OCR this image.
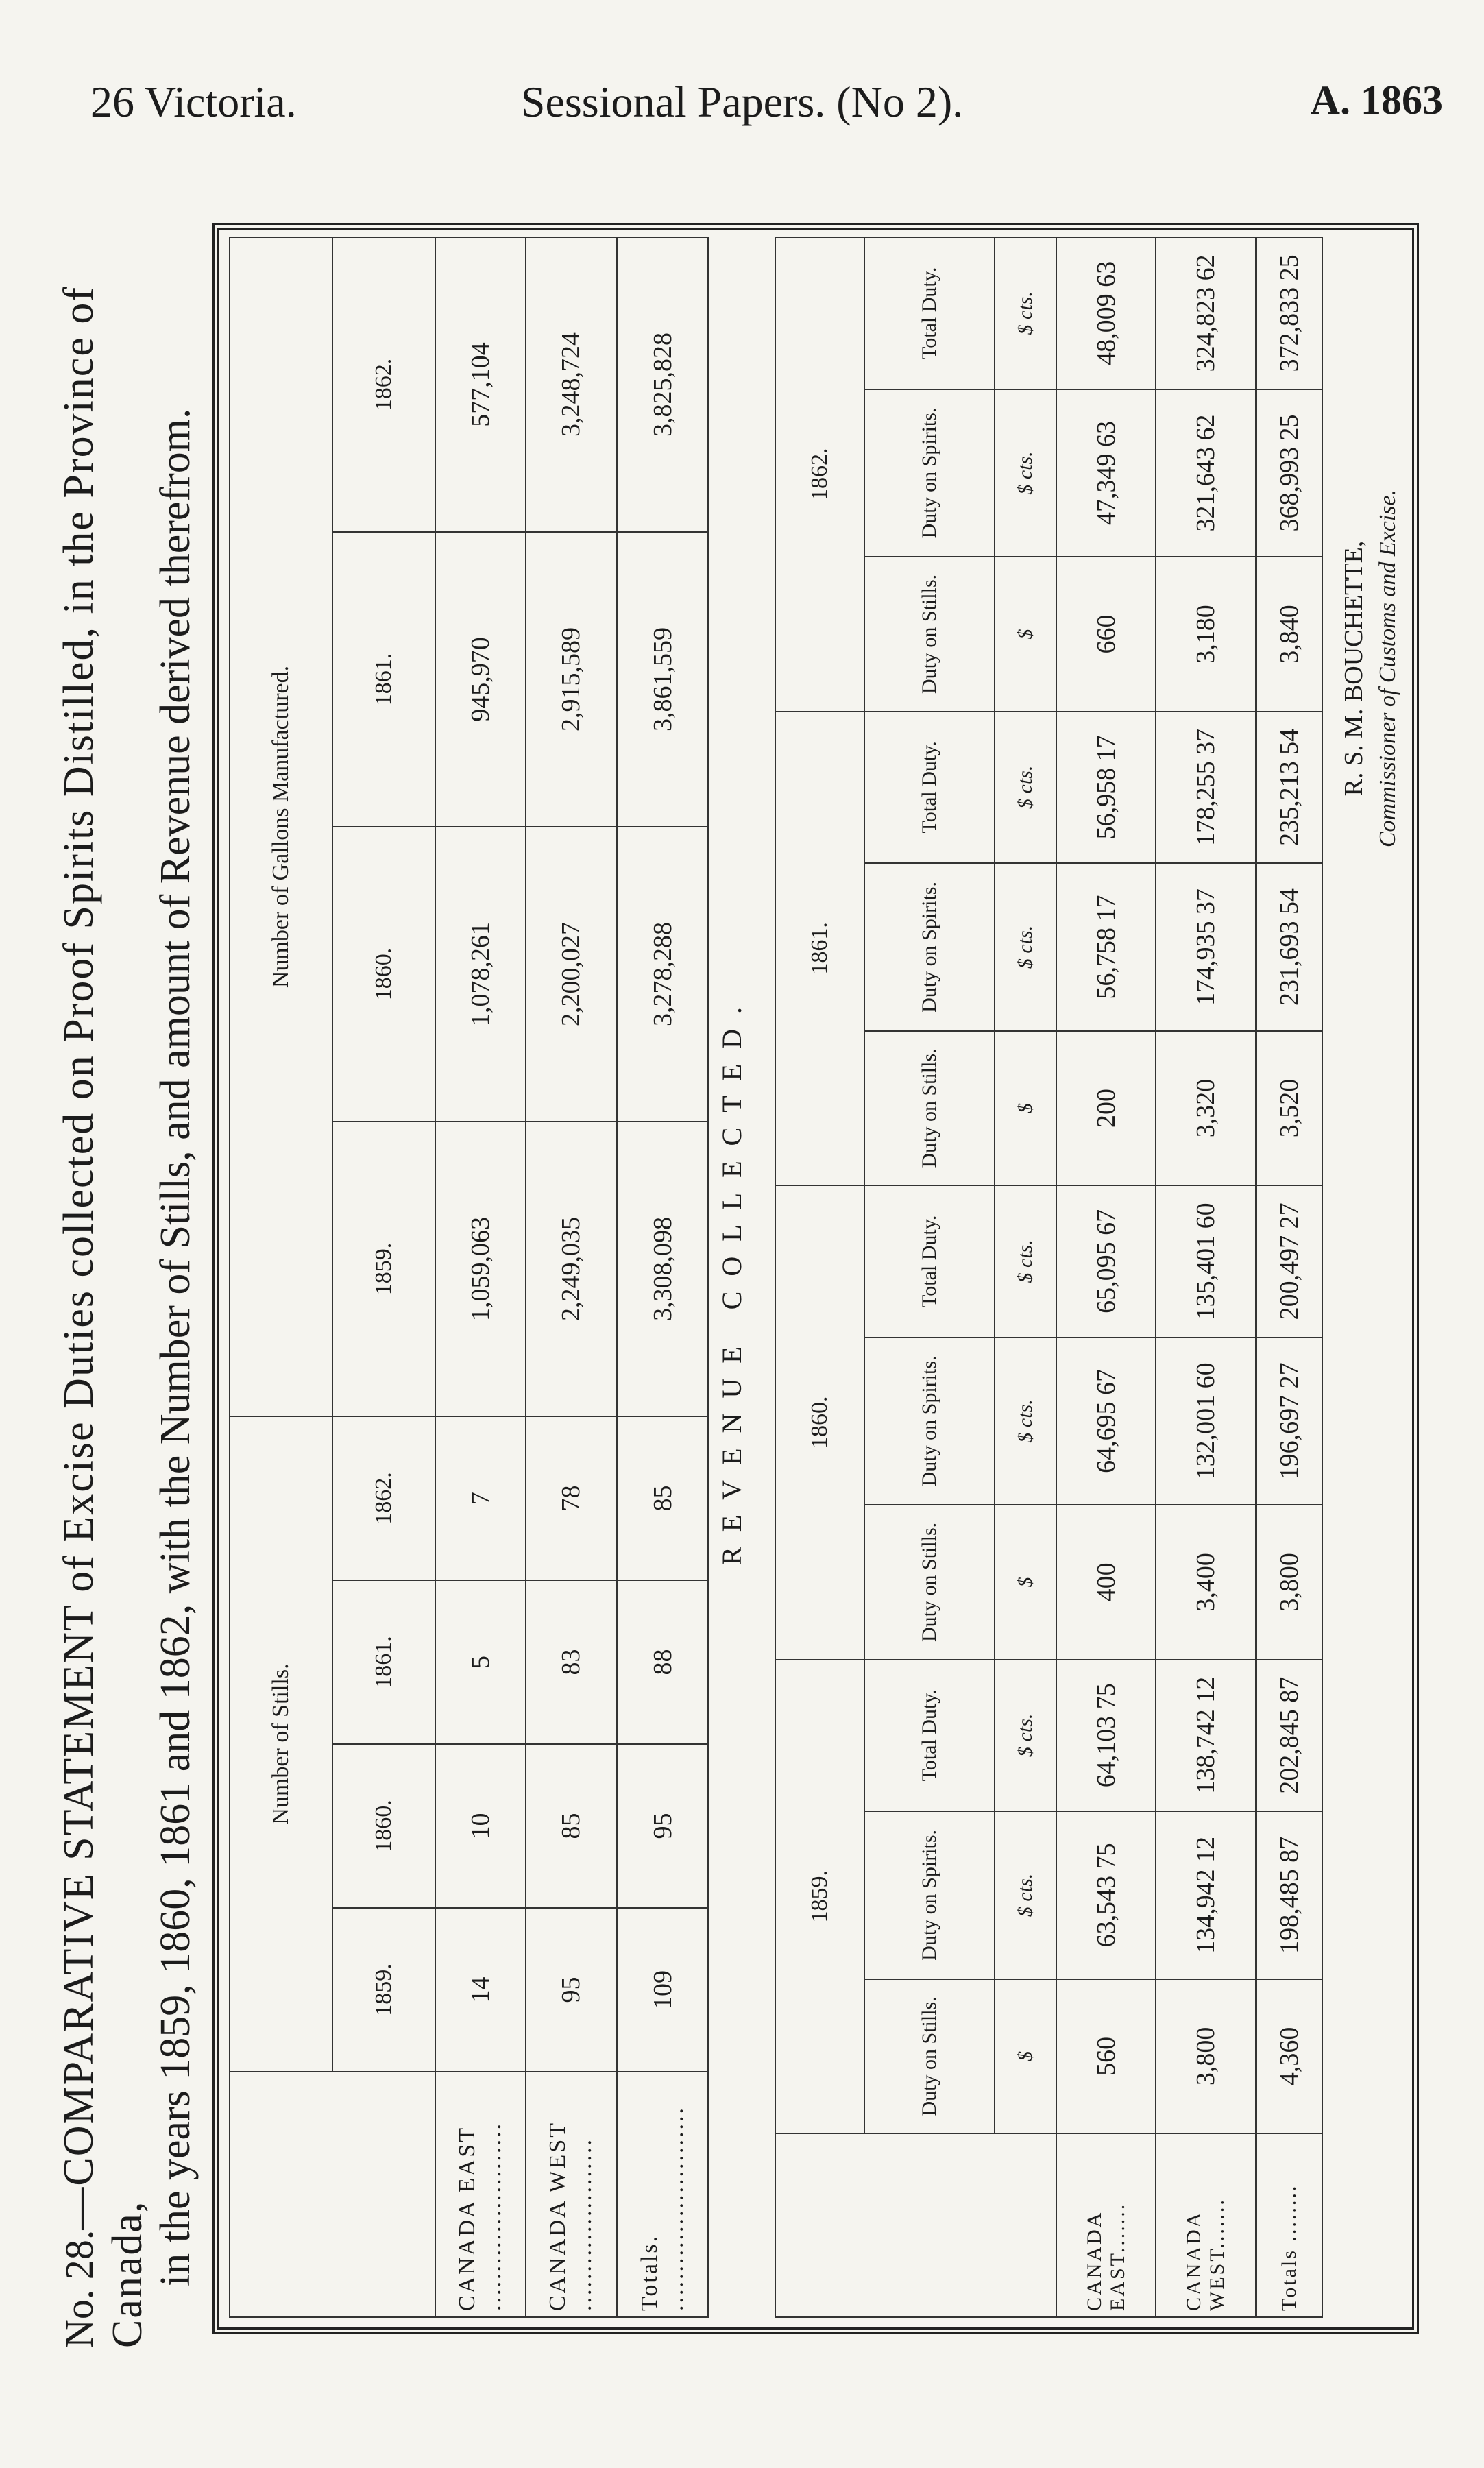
26 Victoria.	Sessional Papers. (No 2).	A. 1863
No. 28.—COMPARATIVE STATEMENT of Excise Duties collected on Proof Spirits Distilled, in the Province of Canada, in the years 1859, 1860, 1861 and 1862, with the Number of Stills, and amount of Revenue derived therefrom.
		Number of Stills.				Number of Gallons Manufactured.			
	1859.	1860.	1861.	1862.	1859.	1860.	1861.	1862.
CANADA EAST ........................	14	10	5	7	1,059,063	1,078,261	945,970	577,104
CANADA WEST ......................	95	85	83	78	2,249,035	2,200,027	2,915,589	3,248,724
Totals. ..........................	109	95	88	85	3,308,098	3,278,288	3,861,559	3,825,828
REVENUE COLLECTED.
	1859.			1860.			1861.			1862.		
	Duty on Stills.	Duty on Spirits.	Total Duty.	Duty on Stills.	Duty on Spirits.	Total Duty.	Duty on Stills.	Duty on Spirits.	Total Duty.	Duty on Stills.	Duty on Spirits.	Total Duty.
	$	$ cts.	$ cts.	$	$ cts.	$ cts.	$	$ cts.	$ cts.	$	$ cts.	$ cts.
CANADA EAST.......	560	63,543 75	64,103 75	400	64,695 67	65,095 67	200	56,758 17	56,958 17	660	47,349 63	48,009 63
CANADA WEST.......	3,800	134,942 12	138,742 12	3,400	132,001 60	135,401 60	3,320	174,935 37	178,255 37	3,180	321,643 62	324,823 62
Totals ........	4,360	198,485 87	202,845 87	3,800	196,697 27	200,497 27	3,520	231,693 54	235,213 54	3,840	368,993 25	372,833 25
R. S. M. BOUCHETTE, Commissioner of Customs and Excise.
